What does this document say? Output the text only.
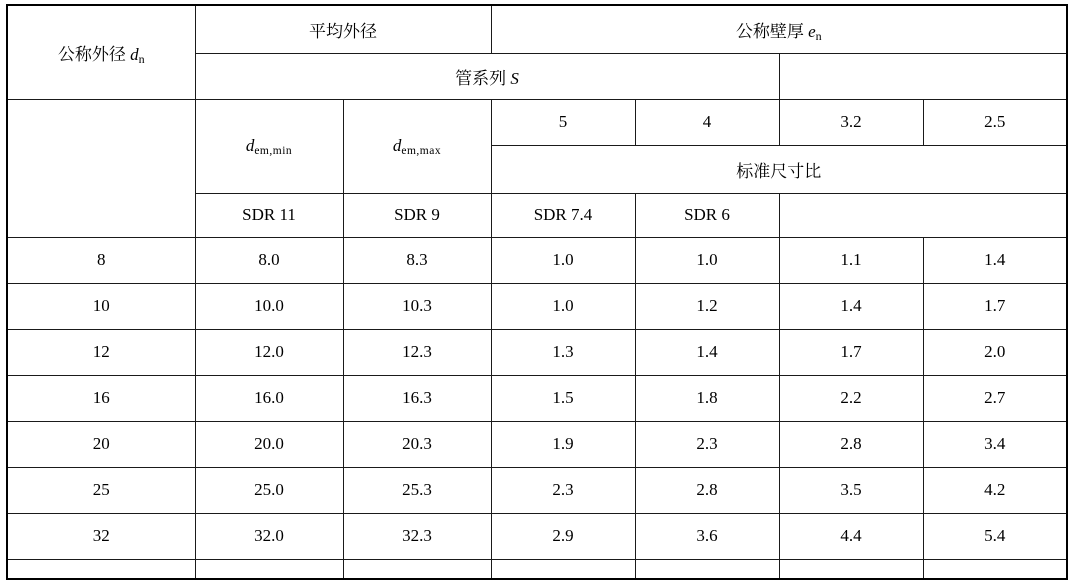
公称外径 dn	平均外径		公称壁厚 en			
	管系列 S					
	dem,min	dem,max	5	4	3.2	2.5
			标准尺寸比			
	SDR 11	SDR 9	SDR 7.4	SDR 6		
8	8.0	8.3	1.0	1.0	1.1	1.4
10	10.0	10.3	1.0	1.2	1.4	1.7
12	12.0	12.3	1.3	1.4	1.7	2.0
16	16.0	16.3	1.5	1.8	2.2	2.7
20	20.0	20.3	1.9	2.3	2.8	3.4
25	25.0	25.3	2.3	2.8	3.5	4.2
32	32.0	32.3	2.9	3.6	4.4	5.4
